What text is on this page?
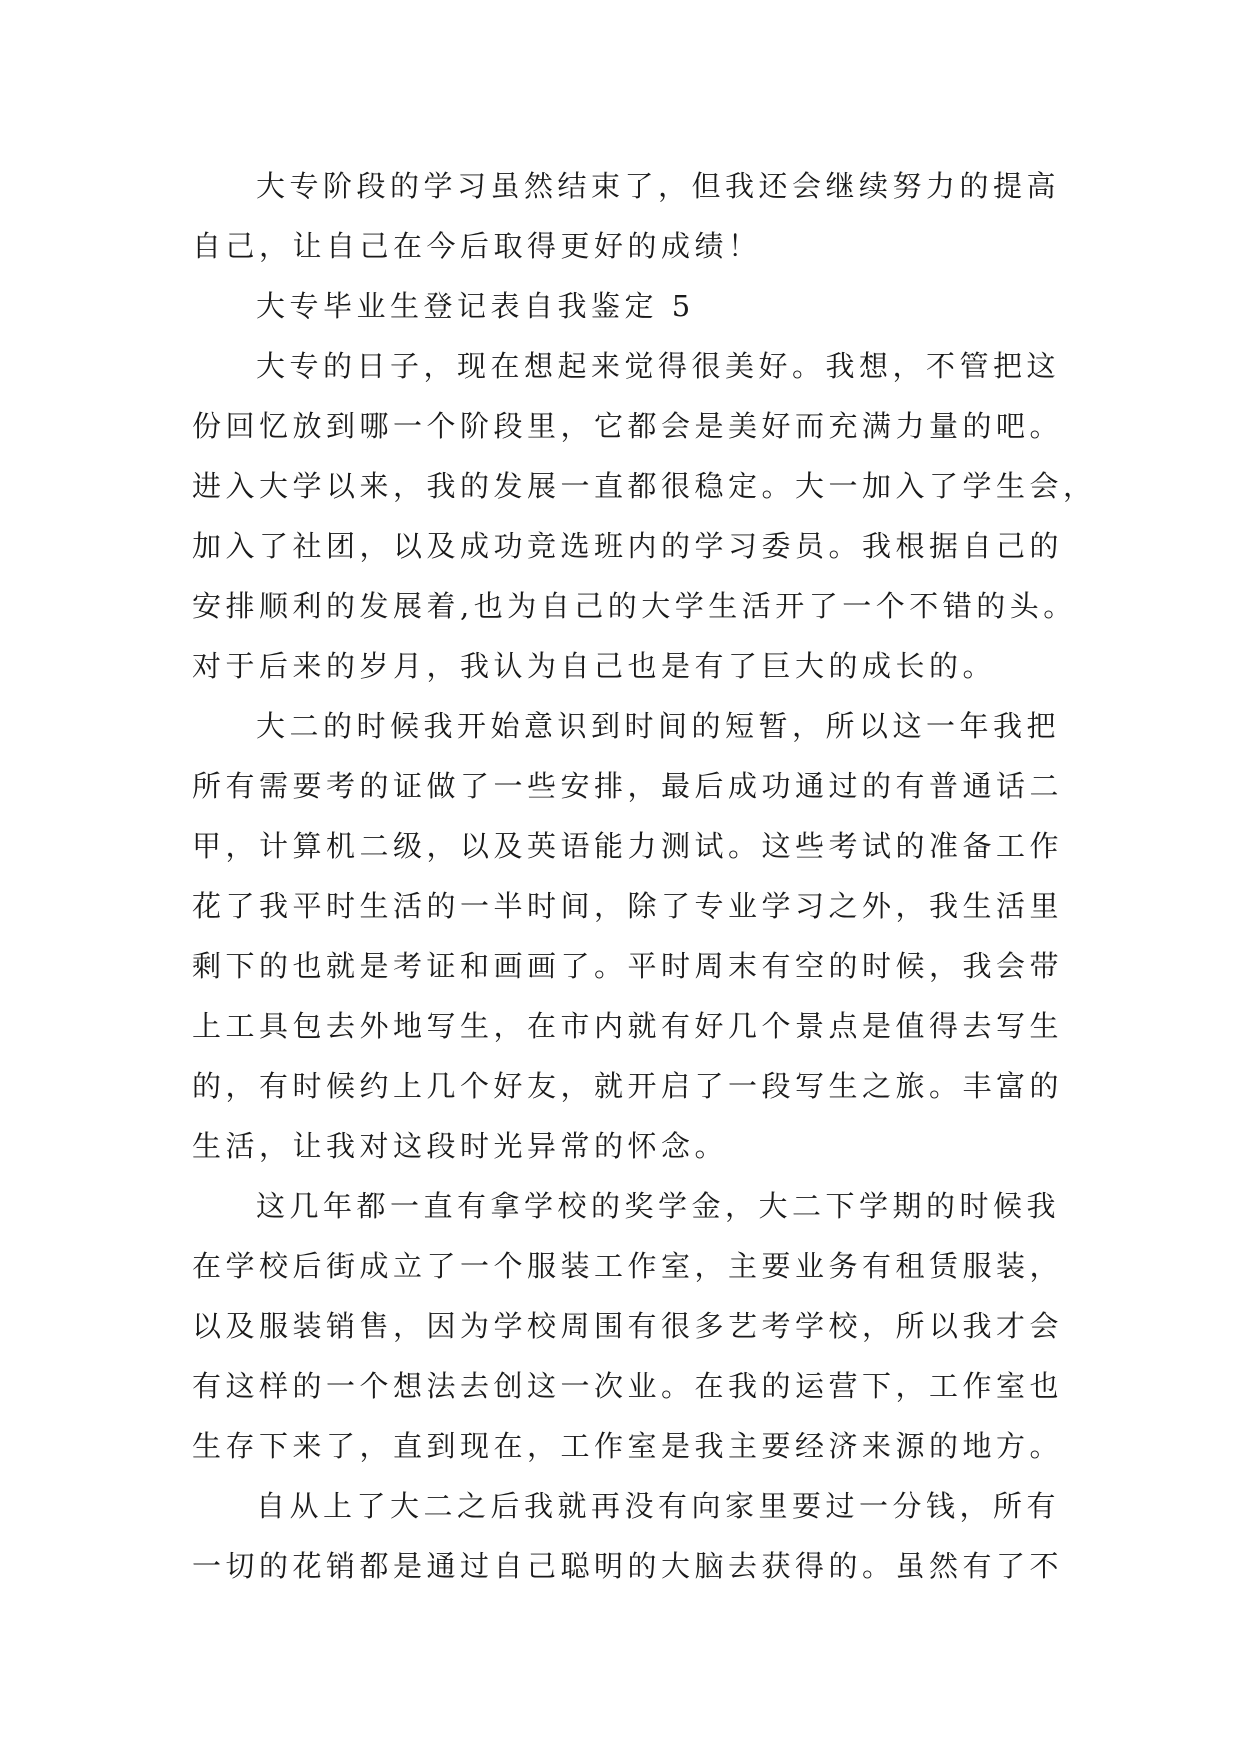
大专阶段的学习虽然结束了，但我还会继续努力的提高
自己，让自己在今后取得更好的成绩！
大专毕业生登记表自我鉴定 5
大专的日子，现在想起来觉得很美好。我想，不管把这
份回忆放到哪一个阶段里，它都会是美好而充满力量的吧。
进入大学以来，我的发展一直都很稳定。大一加入了学生会，
加入了社团，以及成功竞选班内的学习委员。我根据自己的
安排顺利的发展着,也为自己的大学生活开了一个不错的头。
对于后来的岁月，我认为自己也是有了巨大的成长的。
大二的时候我开始意识到时间的短暂，所以这一年我把
所有需要考的证做了一些安排，最后成功通过的有普通话二
甲，计算机二级，以及英语能力测试。这些考试的准备工作
花了我平时生活的一半时间，除了专业学习之外，我生活里
剩下的也就是考证和画画了。平时周末有空的时候，我会带
上工具包去外地写生，在市内就有好几个景点是值得去写生
的，有时候约上几个好友，就开启了一段写生之旅。丰富的
生活，让我对这段时光异常的怀念。
这几年都一直有拿学校的奖学金，大二下学期的时候我
在学校后街成立了一个服装工作室，主要业务有租赁服装，
以及服装销售，因为学校周围有很多艺考学校，所以我才会
有这样的一个想法去创这一次业。在我的运营下，工作室也
生存下来了，直到现在，工作室是我主要经济来源的地方。
自从上了大二之后我就再没有向家里要过一分钱，所有
一切的花销都是通过自己聪明的大脑去获得的。虽然有了不
